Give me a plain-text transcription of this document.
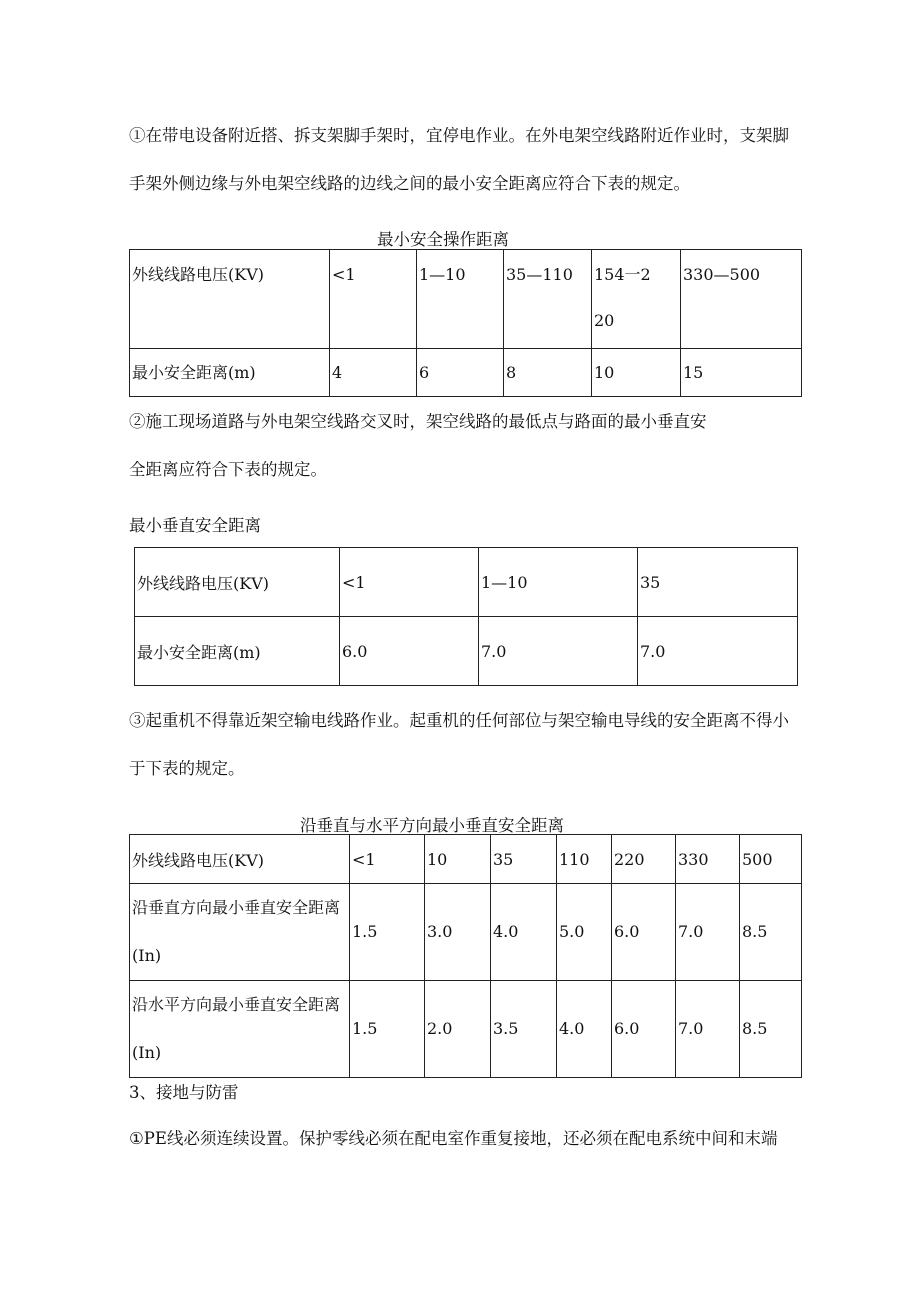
①在带电设备附近搭、拆支架脚手架时，宜停电作业。在外电架空线路附近作业时，支架脚手架外侧边缘与外电架空线路的边线之间的最小安全距离应符合下表的规定。

最小安全操作距离

外线线路电压(KV)	<1	1—10	35—110	154一220	330—500
最小安全距离(m)	4	6	8	10	15

②施工现场道路与外电架空线路交叉时，架空线路的最低点与路面的最小垂直安

全距离应符合下表的规定。

最小垂直安全距离

外线线路电压(KV)	<1	1—10	35
最小安全距离(m)	6.0	7.0	7.0

③起重机不得靠近架空输电线路作业。起重机的任何部位与架空输电导线的安全距离不得小于下表的规定。

沿垂直与水平方向最小垂直安全距离

外线线路电压(KV)	<1	10	35	110	220	330	500
沿垂直方向最小垂直安全距离(In)	1.5	3.0	4.0	5.0	6.0	7.0	8.5
沿水平方向最小垂直安全距离(In)	1.5	2.0	3.5	4.0	6.0	7.0	8.5

3、接地与防雷

①PE线必须连续设置。保护零线必须在配电室作重复接地，还必须在配电系统中间和末端
